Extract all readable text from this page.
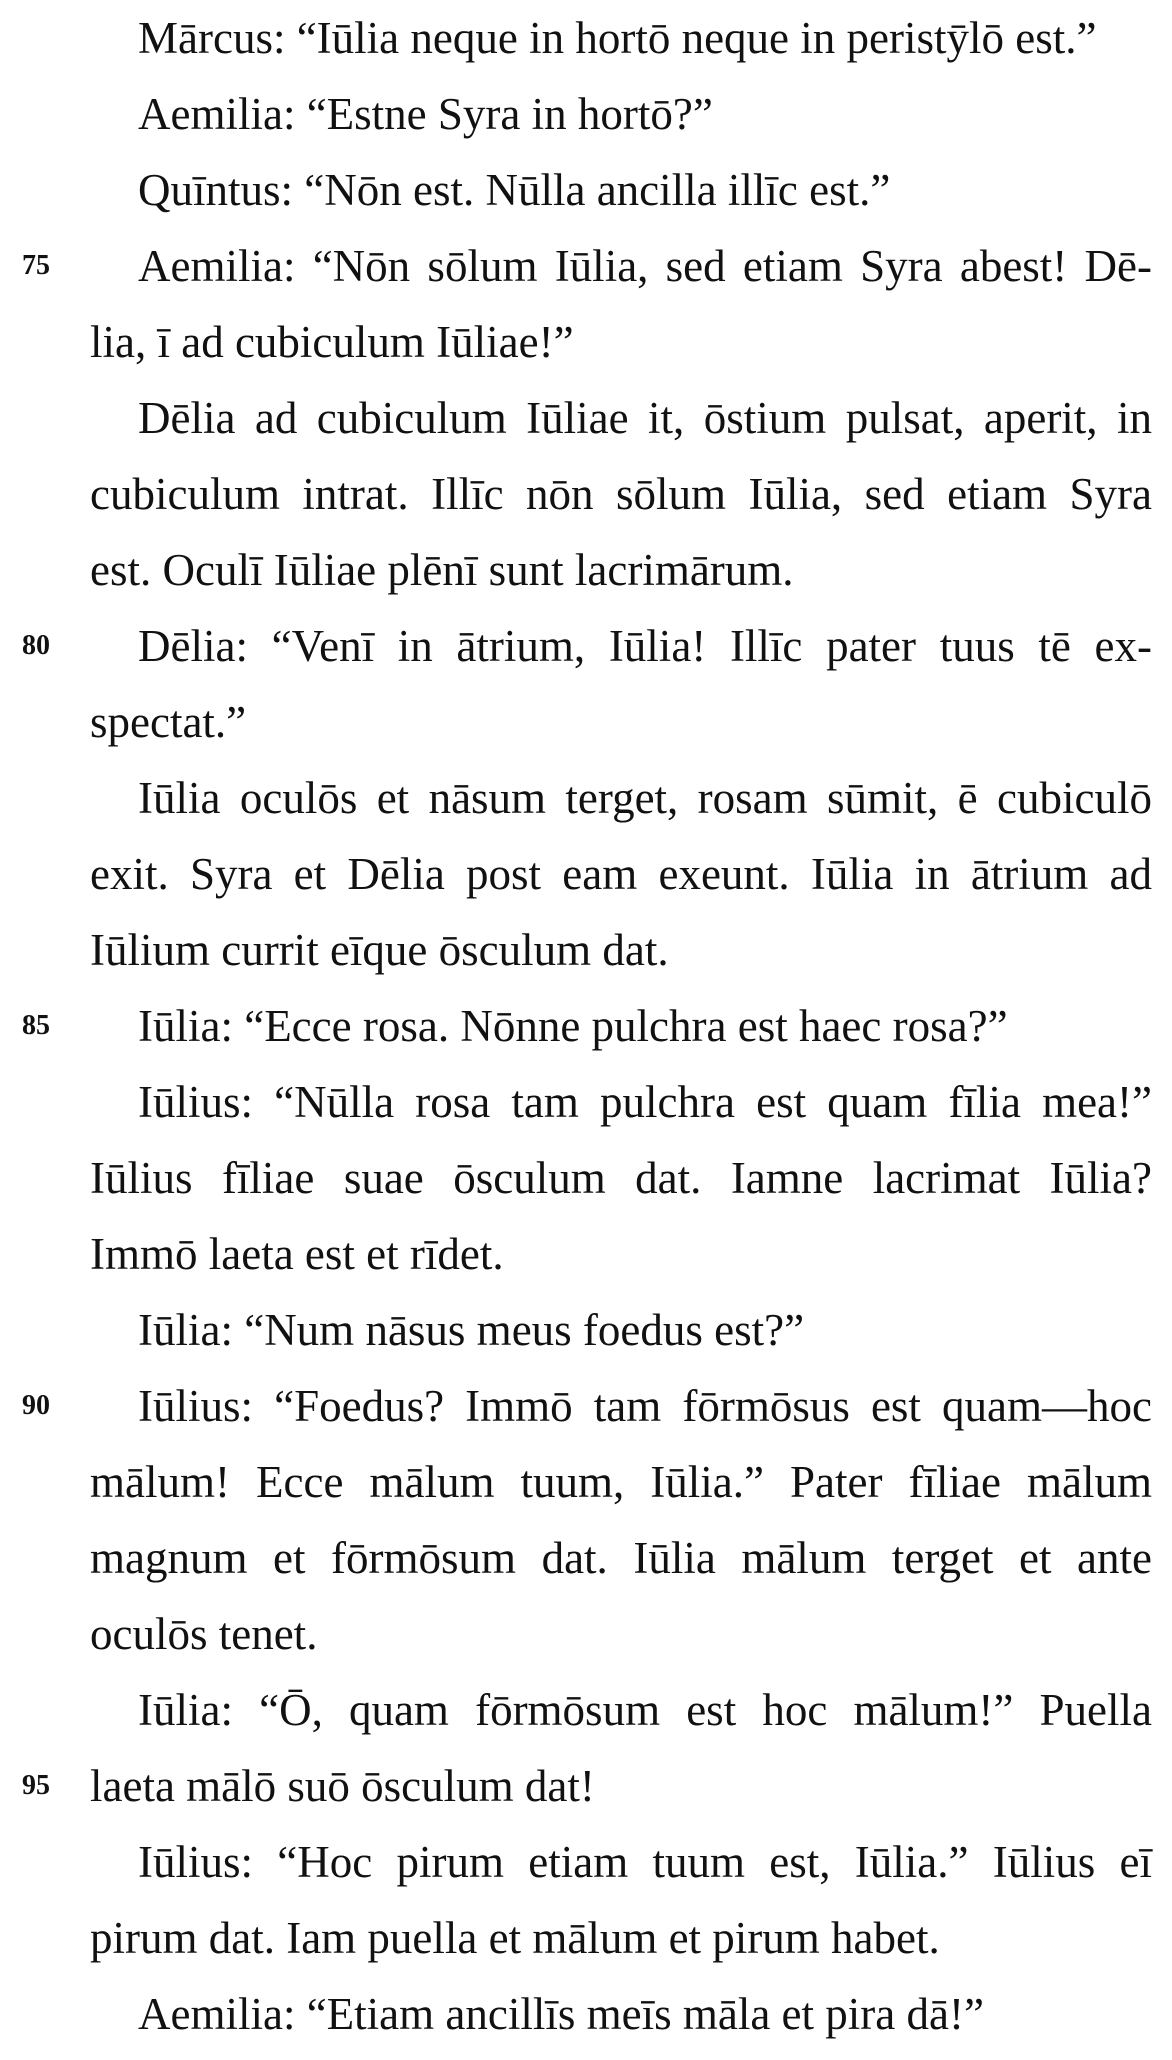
Mārcus: “Iūlia neque in hortō neque in peristȳlō est.”
Aemilia: “Estne Syra in hortō?”
Quīntus: “Nōn est. Nūlla ancilla illīc est.”
75 Aemilia: “Nōn sōlum Iūlia, sed etiam Syra abest! Dē-
lia, ī ad cubiculum Iūliae!”
Dēlia ad cubiculum Iūliae it, ōstium pulsat, aperit, in
cubiculum intrat. Illīc nōn sōlum Iūlia, sed etiam Syra
est. Oculī Iūliae plēnī sunt lacrimārum.
80 Dēlia: “Venī in ātrium, Iūlia! Illīc pater tuus tē ex-
spectat.”
Iūlia oculōs et nāsum terget, rosam sūmit, ē cubiculō
exit. Syra et Dēlia post eam exeunt. Iūlia in ātrium ad
Iūlium currit eīque ōsculum dat.
85 Iūlia: “Ecce rosa. Nōnne pulchra est haec rosa?”
Iūlius: “Nūlla rosa tam pulchra est quam fīlia mea!”
Iūlius fīliae suae ōsculum dat. Iamne lacrimat Iūlia?
Immō laeta est et rīdet.
Iūlia: “Num nāsus meus foedus est?”
90 Iūlius: “Foedus? Immō tam fōrmōsus est quam—hoc
mālum! Ecce mālum tuum, Iūlia.” Pater fīliae mālum
magnum et fōrmōsum dat. Iūlia mālum terget et ante
oculōs tenet.
Iūlia: “Ō, quam fōrmōsum est hoc mālum!” Puella
95 laeta mālō suō ōsculum dat!
Iūlius: “Hoc pirum etiam tuum est, Iūlia.” Iūlius eī
pirum dat. Iam puella et mālum et pirum habet.
Aemilia: “Etiam ancillīs meīs māla et pira dā!”
